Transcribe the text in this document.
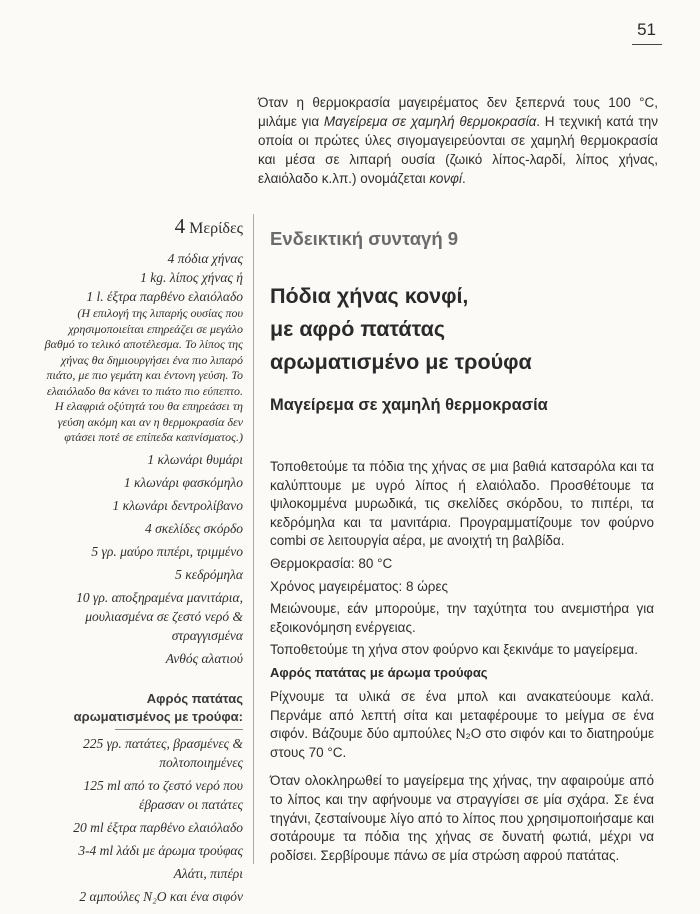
51
Όταν η θερμοκρασία μαγειρέματος δεν ξεπερνά τους 100 °C, μιλάμε για Μαγείρεμα σε χαμηλή θερμοκρασία. Η τεχνική κατά την οποία οι πρώτες ύλες σιγομαγειρεύονται σε χαμηλή θερμοκρασία και μέσα σε λιπαρή ουσία (ζωικό λίπος-λαρδί, λίπος χήνας, ελαιόλαδο κ.λπ.) ονομάζεται κονφί.
4 Μερίδες

4 πόδια χήνας

1 kg. λίπος χήνας ή

1 l. έξτρα παρθένο ελαιόλαδο

(Η επιλογή της λιπαρής ουσίας που χρησιμοποιείται επηρεάζει σε μεγάλο βαθμό το τελικό αποτέλεσμα. Το λίπος της χήνας θα δημιουργήσει ένα πιο λιπαρό πιάτο, με πιο γεμάτη και έντονη γεύση. Το ελαιόλαδο θα κάνει το πιάτο πιο εύπεπτο. Η ελαφριά οξύτητά του θα επηρεάσει τη γεύση ακόμη και αν η θερμοκρασία δεν φτάσει ποτέ σε επίπεδα καπνίσματος.)

1 κλωνάρι θυμάρι

1 κλωνάρι φασκόμηλο

1 κλωνάρι δεντρολίβανο

4 σκελίδες σκόρδο

5 γρ. μαύρο πιπέρι, τριμμένο

5 κεδρόμηλα

10 γρ. αποξηραμένα μανιτάρια, μουλιασμένα σε ζεστό νερό & στραγγισμένα

Ανθός αλατιού

Αφρός πατάτας
αρωματισμένος με τρούφα:

225 γρ. πατάτες, βρασμένες & πολτοποιημένες

125 ml από το ζεστό νερό που έβρασαν οι πατάτες

20 ml έξτρα παρθένο ελαιόλαδο

3-4 ml λάδι με άρωμα τρούφας

Αλάτι, πιπέρι

2 αμπούλες N₂O και ένα σιφόν

Ενδεικτική συνταγή 9
Πόδια χήνας κονφί,
με αφρό πατάτας
αρωματισμένο με τρούφα
Μαγείρεμα σε χαμηλή θερμοκρασία

Τοποθετούμε τα πόδια της χήνας σε μια βαθιά κατσαρόλα και τα καλύπτουμε με υγρό λίπος ή ελαιόλαδο. Προσθέτουμε τα ψιλοκομμένα μυρωδικά, τις σκελίδες σκόρδου, το πιπέρι, τα κεδρόμηλα και τα μανιτάρια. Προγραμματίζουμε τον φούρνο combi σε λειτουργία αέρα, με ανοιχτή τη βαλβίδα.

Θερμοκρασία: 80 °C

Χρόνος μαγειρέματος: 8 ώρες

Μειώνουμε, εάν μπορούμε, την ταχύτητα του ανεμιστήρα για εξοικονόμηση ενέργειας.

Τοποθετούμε τη χήνα στον φούρνο και ξεκινάμε το μαγείρεμα.

Αφρός πατάτας με άρωμα τρούφας

Ρίχνουμε τα υλικά σε ένα μπολ και ανακατεύουμε καλά. Περνάμε από λεπτή σίτα και μεταφέρουμε το μείγμα σε ένα σιφόν. Βάζουμε δύο αμπούλες N₂O στο σιφόν και το διατηρούμε στους 70 °C.

Όταν ολοκληρωθεί το μαγείρεμα της χήνας, την αφαιρούμε από το λίπος και την αφήνουμε να στραγγίσει σε μία σχάρα. Σε ένα τηγάνι, ζεσταίνουμε λίγο από το λίπος που χρησιμοποιήσαμε και σοτάρουμε τα πόδια της χήνας σε δυνατή φωτιά, μέχρι να ροδίσει. Σερβίρουμε πάνω σε μία στρώση αφρού πατάτας.
